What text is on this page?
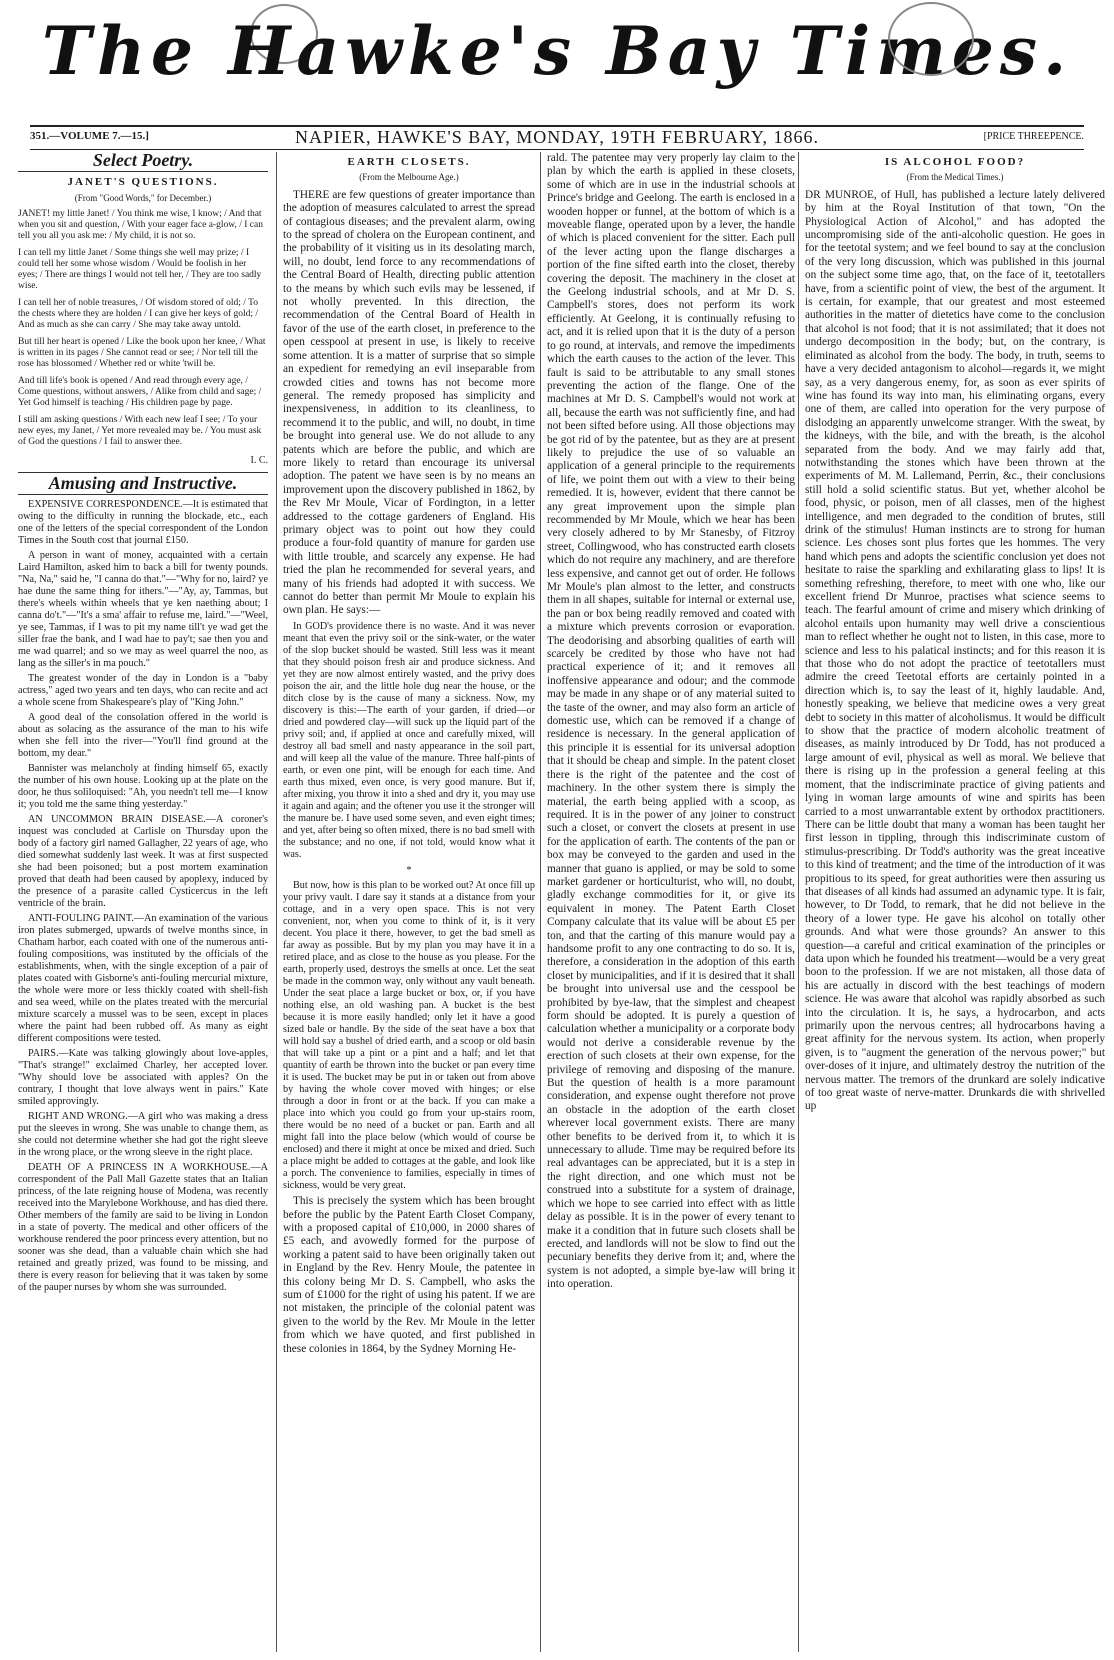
The Hawke's Bay Times.

351.—VOLUME 7.—15.]	NAPIER, HAWKE'S BAY, MONDAY, 19TH FEBRUARY, 1866.	[PRICE THREEPENCE.
Select Poetry.
JANET'S QUESTIONS.
(From "Good Words," for December.)

JANET! my little Janet! / You think me wise, I know; / And that when you sit and question, / With your eager face a-glow, / I can tell you all you ask me: / My child, it is not so.

I can tell my little Janet / Some things she well may prize; / I could tell her some whose wisdom / Would be foolish in her eyes; / There are things I would not tell her, / They are too sadly wise.

I can tell her of noble treasures, / Of wisdom stored of old; / To the chests where they are holden / I can give her keys of gold; / And as much as she can carry / She may take away untold.

But till her heart is opened / Like the book upon her knee, / What is written in its pages / She cannot read or see; / Nor tell till the rose has blossomed / Whether red or white 'twill be.

And till life's book is opened / And read through every age, / Come questions, without answers, / Alike from child and sage; / Yet God himself is teaching / His children page by page.

I still am asking questions / With each new leaf I see; / To your new eyes, my Janet, / Yet more revealed may be. / You must ask of God the questions / I fail to answer thee.

I. C.
Amusing and Instructive.

EXPENSIVE CORRESPONDENCE.—It is estimated that owing to the difficulty in running the blockade, etc., each one of the letters of the special correspondent of the London Times in the South cost that journal £150.

A person in want of money, acquainted with a certain Laird Hamilton, asked him to back a bill for twenty pounds. "Na, Na," said he, "I canna do that."—"Why for no, laird? ye hae dune the same thing for ithers."—"Ay, ay, Tammas, but there's wheels within wheels that ye ken naething about; I canna do't."—"It's a sma' affair to refuse me, laird."—"Weel, ye see, Tammas, if I was to pit my name till't ye wad get the siller frae the bank, and I wad hae to pay't; sae then you and me wad quarrel; and so we may as weel quarrel the noo, as lang as the siller's in ma pouch."

The greatest wonder of the day in London is a "baby actress," aged two years and ten days, who can recite and act a whole scene from Shakespeare's play of "King John."

A good deal of the consolation offered in the world is about as solacing as the assurance of the man to his wife when she fell into the river—"You'll find ground at the bottom, my dear."

Bannister was melancholy at finding himself 65, exactly the number of his own house. Looking up at the plate on the door, he thus soliloquised: "Ah, you needn't tell me—I know it; you told me the same thing yesterday."

AN UNCOMMON BRAIN DISEASE.—A coroner's inquest was concluded at Carlisle on Thursday upon the body of a factory girl named Gallagher, 22 years of age, who died somewhat suddenly last week. It was at first suspected she had been poisoned; but a post mortem examination proved that death had been caused by apoplexy, induced by the presence of a parasite called Cysticercus in the left ventricle of the brain.

ANTI-FOULING PAINT.—An examination of the various iron plates submerged, upwards of twelve months since, in Chatham harbor, each coated with one of the numerous anti-fouling compositions, was instituted by the officials of the establishments, when, with the single exception of a pair of plates coated with Gisborne's anti-fouling mercurial mixture, the whole were more or less thickly coated with shell-fish and sea weed, while on the plates treated with the mercurial mixture scarcely a mussel was to be seen, except in places where the paint had been rubbed off. As many as eight different compositions were tested.

PAIRS.—Kate was talking glowingly about love-apples, "That's strange!" exclaimed Charley, her accepted lover. "Why should love be associated with apples? On the contrary, I thought that love always went in pairs." Kate smiled approvingly.

RIGHT AND WRONG.—A girl who was making a dress put the sleeves in wrong. She was unable to change them, as she could not determine whether she had got the right sleeve in the wrong place, or the wrong sleeve in the right place.

DEATH OF A PRINCESS IN A WORKHOUSE.—A correspondent of the Pall Mall Gazette states that an Italian princess, of the late reigning house of Modena, was recently received into the Marylebone Workhouse, and has died there. Other members of the family are said to be living in London in a state of poverty. The medical and other officers of the workhouse rendered the poor princess every attention, but no sooner was she dead, than a valuable chain which she had retained and greatly prized, was found to be missing, and there is every reason for believing that it was taken by some of the pauper nurses by whom she was surrounded.

EARTH CLOSETS.
(From the Melbourne Age.)

THERE are few questions of greater importance than the adoption of measures calculated to arrest the spread of contagious diseases; and the prevalent alarm, owing to the spread of cholera on the European continent, and the probability of it visiting us in its desolating march, will, no doubt, lend force to any recommendations of the Central Board of Health, directing public attention to the means by which such evils may be lessened, if not wholly prevented. In this direction, the recommendation of the Central Board of Health in favor of the use of the earth closet, in preference to the open cesspool at present in use, is likely to receive some attention. It is a matter of surprise that so simple an expedient for remedying an evil inseparable from crowded cities and towns has not become more general. The remedy proposed has simplicity and inexpensiveness, in addition to its cleanliness, to recommend it to the public, and will, no doubt, in time be brought into general use. We do not allude to any patents which are before the public, and which are more likely to retard than encourage its universal adoption. The patent we have seen is by no means an improvement upon the discovery published in 1862, by the Rev Mr Moule, Vicar of Fordington, in a letter addressed to the cottage gardeners of England. His primary object was to point out how they could produce a four-fold quantity of manure for garden use with little trouble, and scarcely any expense. He had tried the plan he recommended for several years, and many of his friends had adopted it with success. We cannot do better than permit Mr Moule to explain his own plan. He says:—

In GOD's providence there is no waste. And it was never meant that even the privy soil or the sink-water, or the water of the slop bucket should be wasted. Still less was it meant that they should poison fresh air and produce sickness. And yet they are now almost entirely wasted, and the privy does poison the air, and the little hole dug near the house, or the ditch close by is the cause of many a sickness. Now, my discovery is this:—The earth of your garden, if dried—or dried and powdered clay—will suck up the liquid part of the privy soil; and, if applied at once and carefully mixed, will destroy all bad smell and nasty appearance in the soil part, and will keep all the value of the manure. Three half-pints of earth, or even one pint, will be enough for each time. And earth thus mixed, even once, is very good manure. But if, after mixing, you throw it into a shed and dry it, you may use it again and again; and the oftener you use it the stronger will the manure be. I have used some seven, and even eight times; and yet, after being so often mixed, there is no bad smell with the substance; and no one, if not told, would know what it was.

*

But now, how is this plan to be worked out? At once fill up your privy vault. I dare say it stands at a distance from your cottage, and in a very open space. This is not very convenient, nor, when you come to think of it, is it very decent. You place it there, however, to get the bad smell as far away as possible. But by my plan you may have it in a retired place, and as close to the house as you please. For the earth, properly used, destroys the smells at once. Let the seat be made in the common way, only without any vault beneath. Under the seat place a large bucket or box, or, if you have nothing else, an old washing pan. A bucket is the best because it is more easily handled; only let it have a good sized bale or handle. By the side of the seat have a box that will hold say a bushel of dried earth, and a scoop or old basin that will take up a pint or a pint and a half; and let that quantity of earth be thrown into the bucket or pan every time it is used. The bucket may be put in or taken out from above by having the whole cover moved with hinges; or else through a door in front or at the back. If you can make a place into which you could go from your up-stairs room, there would be no need of a bucket or pan. Earth and all might fall into the place below (which would of course be enclosed) and there it might at once be mixed and dried. Such a place might be added to cottages at the gable, and look like a porch. The convenience to families, especially in times of sickness, would be very great.

This is precisely the system which has been brought before the public by the Patent Earth Closet Company, with a proposed capital of £10,000, in 2000 shares of £5 each, and avowedly formed for the purpose of working a patent said to have been originally taken out in England by the Rev. Henry Moule, the patentee in this colony being Mr D. S. Campbell, who asks the sum of £1000 for the right of using his patent. If we are not mistaken, the principle of the colonial patent was given to the world by the Rev. Mr Moule in the letter from which we have quoted, and first published in these colonies in 1864, by the Sydney Morning He-

rald. The patentee may very properly lay claim to the plan by which the earth is applied in these closets, some of which are in use in the industrial schools at Prince's bridge and Geelong. The earth is enclosed in a wooden hopper or funnel, at the bottom of which is a moveable flange, operated upon by a lever, the handle of which is placed convenient for the sitter. Each pull of the lever acting upon the flange discharges a portion of the fine sifted earth into the closet, thereby covering the deposit. The machinery in the closet at the Geelong industrial schools, and at Mr D. S. Campbell's stores, does not perform its work efficiently. At Geelong, it is continually refusing to act, and it is relied upon that it is the duty of a person to go round, at intervals, and remove the impediments which the earth causes to the action of the lever. This fault is said to be attributable to any small stones preventing the action of the flange. One of the machines at Mr D. S. Campbell's would not work at all, because the earth was not sufficiently fine, and had not been sifted before using. All those objections may be got rid of by the patentee, but as they are at present likely to prejudice the use of so valuable an application of a general principle to the requirements of life, we point them out with a view to their being remedied. It is, however, evident that there cannot be any great improvement upon the simple plan recommended by Mr Moule, which we hear has been very closely adhered to by Mr Stanesby, of Fitzroy street, Collingwood, who has constructed earth closets which do not require any machinery, and are therefore less expensive, and cannot get out of order. He follows Mr Moule's plan almost to the letter, and constructs them in all shapes, suitable for internal or external use, the pan or box being readily removed and coated with a mixture which prevents corrosion or evaporation. The deodorising and absorbing qualities of earth will scarcely be credited by those who have not had practical experience of it; and it removes all inoffensive appearance and odour; and the commode may be made in any shape or of any material suited to the taste of the owner, and may also form an article of domestic use, which can be removed if a change of residence is necessary. In the general application of this principle it is essential for its universal adoption that it should be cheap and simple. In the patent closet there is the right of the patentee and the cost of machinery. In the other system there is simply the material, the earth being applied with a scoop, as required. It is in the power of any joiner to construct such a closet, or convert the closets at present in use for the application of earth. The contents of the pan or box may be conveyed to the garden and used in the manner that guano is applied, or may be sold to some market gardener or horticulturist, who will, no doubt, gladly exchange commodities for it, or give its equivalent in money. The Patent Earth Closet Company calculate that its value will be about £5 per ton, and that the carting of this manure would pay a handsome profit to any one contracting to do so. It is, therefore, a consideration in the adoption of this earth closet by municipalities, and if it is desired that it shall be brought into universal use and the cesspool be prohibited by bye-law, that the simplest and cheapest form should be adopted. It is purely a question of calculation whether a municipality or a corporate body would not derive a considerable revenue by the erection of such closets at their own expense, for the privilege of removing and disposing of the manure. But the question of health is a more paramount consideration, and expense ought therefore not prove an obstacle in the adoption of the earth closet wherever local government exists. There are many other benefits to be derived from it, to which it is unnecessary to allude. Time may be required before its real advantages can be appreciated, but it is a step in the right direction, and one which must not be construed into a substitute for a system of drainage, which we hope to see carried into effect with as little delay as possible. It is in the power of every tenant to make it a condition that in future such closets shall be erected, and landlords will not be slow to find out the pecuniary benefits they derive from it; and, where the system is not adopted, a simple bye-law will bring it into operation.

IS ALCOHOL FOOD?
(From the Medical Times.)

DR MUNROE, of Hull, has published a lecture lately delivered by him at the Royal Institution of that town, "On the Physiological Action of Alcohol," and has adopted the uncompromising side of the anti-alcoholic question. He goes in for the teetotal system; and we feel bound to say at the conclusion of the very long discussion, which was published in this journal on the subject some time ago, that, on the face of it, teetotallers have, from a scientific point of view, the best of the argument. It is certain, for example, that our greatest and most esteemed authorities in the matter of dietetics have come to the conclusion that alcohol is not food; that it is not assimilated; that it does not undergo decomposition in the body; but, on the contrary, is eliminated as alcohol from the body. The body, in truth, seems to have a very decided antagonism to alcohol—regards it, we might say, as a very dangerous enemy, for, as soon as ever spirits of wine has found its way into man, his eliminating organs, every one of them, are called into operation for the very purpose of dislodging an apparently unwelcome stranger. With the sweat, by the kidneys, with the bile, and with the breath, is the alcohol separated from the body. And we may fairly add that, notwithstanding the stones which have been thrown at the experiments of M. M. Lallemand, Perrin, &c., their conclusions still hold a solid scientific status. But yet, whether alcohol be food, physic, or poison, men of all classes, men of the highest intelligence, and men degraded to the condition of brutes, still drink of the stimulus! Human instincts are to strong for human science. Les choses sont plus fortes que les hommes. The very hand which pens and adopts the scientific conclusion yet does not hesitate to raise the sparkling and exhilarating glass to lips! It is something refreshing, therefore, to meet with one who, like our excellent friend Dr Munroe, practises what science seems to teach. The fearful amount of crime and misery which drinking of alcohol entails upon humanity may well drive a conscientious man to reflect whether he ought not to listen, in this case, more to science and less to his palatical instincts; and for this reason it is that those who do not adopt the practice of teetotallers must admire the creed Teetotal efforts are certainly pointed in a direction which is, to say the least of it, highly laudable. And, honestly speaking, we believe that medicine owes a very great debt to society in this matter of alcoholismus. It would be difficult to show that the practice of modern alcoholic treatment of diseases, as mainly introduced by Dr Todd, has not produced a large amount of evil, physical as well as moral. We believe that there is rising up in the profession a general feeling at this moment, that the indiscriminate practice of giving patients and lying in woman large amounts of wine and spirits has been carried to a most unwarrantable extent by orthodox practitioners. There can be little doubt that many a woman has been taught her first lesson in tippling, through this indiscriminate custom of stimulus-prescribing. Dr Todd's authority was the great inceative to this kind of treatment; and the time of the introduction of it was propitious to its speed, for great authorities were then assuring us that diseases of all kinds had assumed an adynamic type. It is fair, however, to Dr Todd, to remark, that he did not believe in the theory of a lower type. He gave his alcohol on totally other grounds. And what were those grounds? An answer to this question—a careful and critical examination of the principles or data upon which he founded his treatment—would be a very great boon to the profession. If we are not mistaken, all those data of his are actually in discord with the best teachings of modern science. He was aware that alcohol was rapidly absorbed as such into the circulation. It is, he says, a hydrocarbon, and acts primarily upon the nervous centres; all hydrocarbons having a great affinity for the nervous system. Its action, when properly given, is to "augment the generation of the nervous power;" but over-doses of it injure, and ultimately destroy the nutrition of the nervous matter. The tremors of the drunkard are solely indicative of too great waste of nerve-matter. Drunkards die with shrivelled up
